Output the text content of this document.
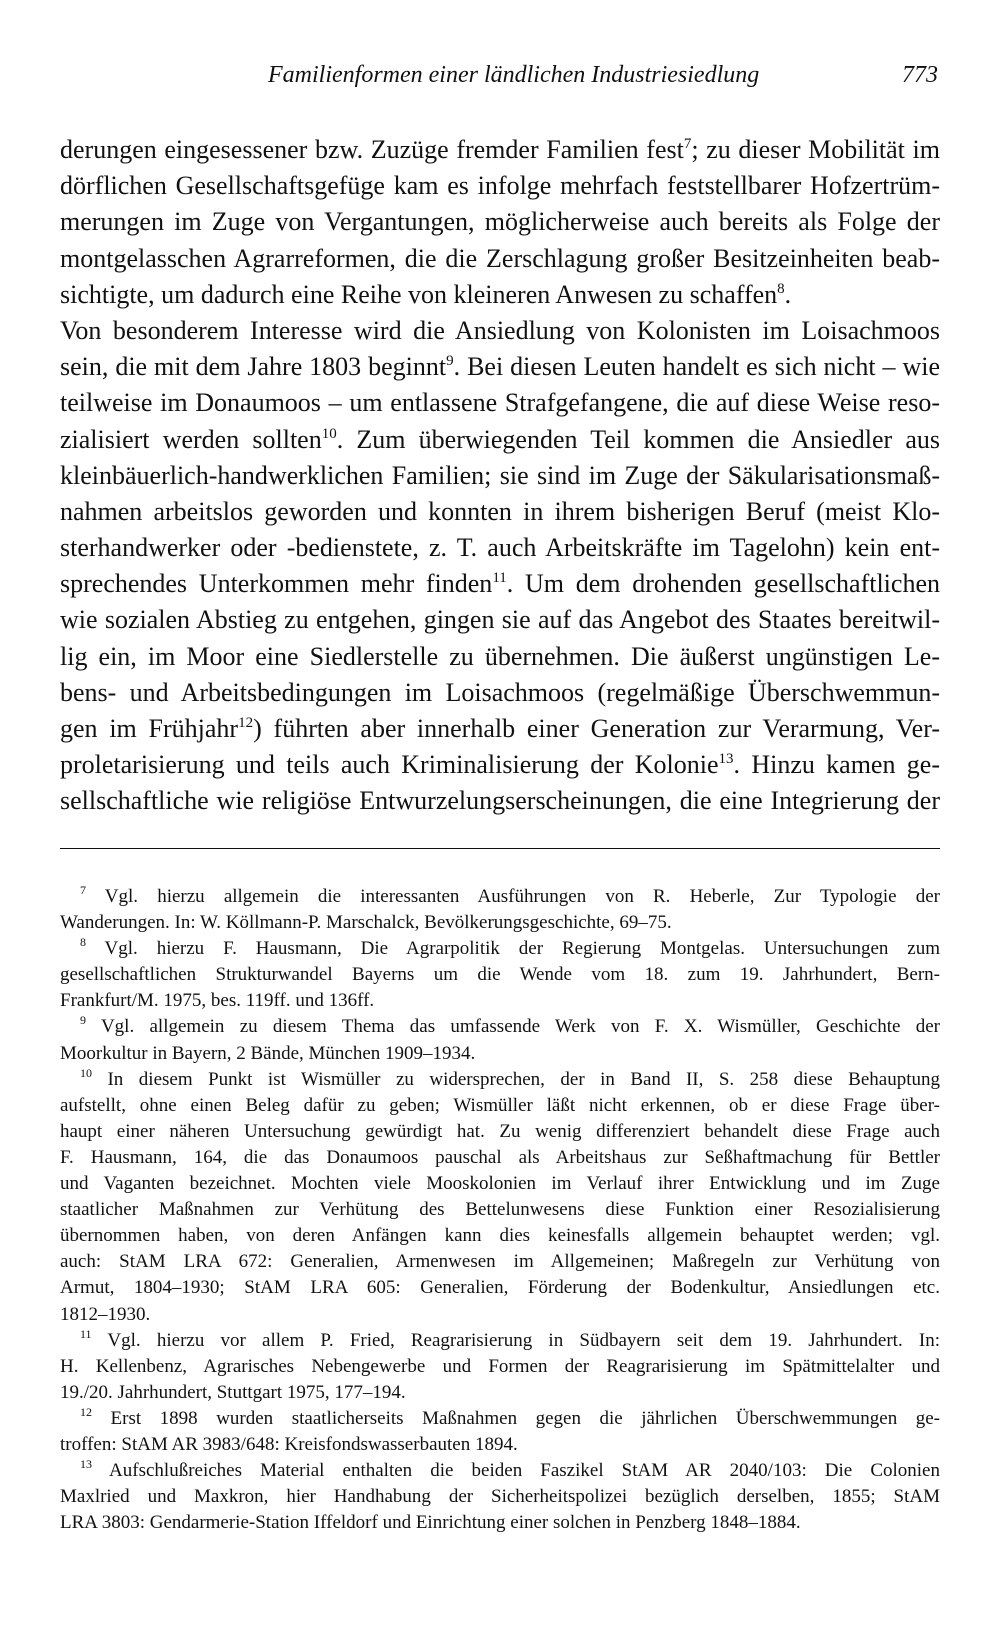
Familienformen einer ländlichen Industriesiedlung	773
derungen eingesessener bzw. Zuzüge fremder Familien fest$^7$; zu dieser Mobilität im
dörflichen Gesellschaftsgefüge kam es infolge mehrfach feststellbarer Hofzertrüm-
merungen im Zuge von Vergantungen, möglicherweise auch bereits als Folge der
montgelasschen Agrarreformen, die die Zerschlagung großer Besitzeinheiten beab-
sichtigte, um dadurch eine Reihe von kleineren Anwesen zu schaffen$^8$.
Von besonderem Interesse wird die Ansiedlung von Kolonisten im Loisachmoos
sein, die mit dem Jahre 1803 beginnt$^9$. Bei diesen Leuten handelt es sich nicht – wie
teilweise im Donaumoos – um entlassene Strafgefangene, die auf diese Weise reso-
zialisiert werden sollten$^{10}$. Zum überwiegenden Teil kommen die Ansiedler aus
kleinbäuerlich-handwerklichen Familien; sie sind im Zuge der Säkularisationsmaß-
nahmen arbeitslos geworden und konnten in ihrem bisherigen Beruf (meist Klo-
sterhandwerker oder -bedienstete, z. T. auch Arbeitskräfte im Tagelohn) kein ent-
sprechendes Unterkommen mehr finden$^{11}$. Um dem drohenden gesellschaftlichen
wie sozialen Abstieg zu entgehen, gingen sie auf das Angebot des Staates bereitwil-
lig ein, im Moor eine Siedlerstelle zu übernehmen. Die äußerst ungünstigen Le-
bens- und Arbeitsbedingungen im Loisachmoos (regelmäßige Überschwemmun-
gen im Frühjahr$^{12}$) führten aber innerhalb einer Generation zur Verarmung, Ver-
proletarisierung und teils auch Kriminalisierung der Kolonie$^{13}$. Hinzu kamen ge-
sellschaftliche wie religiöse Entwurzelungserscheinungen, die eine Integrierung der
$^7$ Vgl. hierzu allgemein die interessanten Ausführungen von R. Heberle, Zur Typologie der
Wanderungen. In: W. Köllmann-P. Marschalck, Bevölkerungsgeschichte, 69–75.
$^8$ Vgl. hierzu F. Hausmann, Die Agrarpolitik der Regierung Montgelas. Untersuchungen zum
gesellschaftlichen Strukturwandel Bayerns um die Wende vom 18. zum 19. Jahrhundert, Bern-
Frankfurt/M. 1975, bes. 119ff. und 136ff.
$^9$ Vgl. allgemein zu diesem Thema das umfassende Werk von F. X. Wismüller, Geschichte der
Moorkultur in Bayern, 2 Bände, München 1909–1934.
$^{10}$ In diesem Punkt ist Wismüller zu widersprechen, der in Band II, S. 258 diese Behauptung
aufstellt, ohne einen Beleg dafür zu geben; Wismüller läßt nicht erkennen, ob er diese Frage über-
haupt einer näheren Untersuchung gewürdigt hat. Zu wenig differenziert behandelt diese Frage auch
F. Hausmann, 164, die das Donaumoos pauschal als Arbeitshaus zur Seßhaftmachung für Bettler
und Vaganten bezeichnet. Mochten viele Mooskolonien im Verlauf ihrer Entwicklung und im Zuge
staatlicher Maßnahmen zur Verhütung des Bettelunwesens diese Funktion einer Resozialisierung
übernommen haben, von deren Anfängen kann dies keinesfalls allgemein behauptet werden; vgl.
auch: StAM LRA 672: Generalien, Armenwesen im Allgemeinen; Maßregeln zur Verhütung von
Armut, 1804–1930; StAM LRA 605: Generalien, Förderung der Bodenkultur, Ansiedlungen etc.
1812–1930.
$^{11}$ Vgl. hierzu vor allem P. Fried, Reagrarisierung in Südbayern seit dem 19. Jahrhundert. In:
H. Kellenbenz, Agrarisches Nebengewerbe und Formen der Reagrarisierung im Spätmittelalter und
19./20. Jahrhundert, Stuttgart 1975, 177–194.
$^{12}$ Erst 1898 wurden staatlicherseits Maßnahmen gegen die jährlichen Überschwemmungen ge-
troffen: StAM AR 3983/648: Kreisfondswasserbauten 1894.
$^{13}$ Aufschlußreiches Material enthalten die beiden Faszikel StAM AR 2040/103: Die Colonien
Maxlried und Maxkron, hier Handhabung der Sicherheitspolizei bezüglich derselben, 1855; StAM
LRA 3803: Gendarmerie-Station Iffeldorf und Einrichtung einer solchen in Penzberg 1848–1884.
